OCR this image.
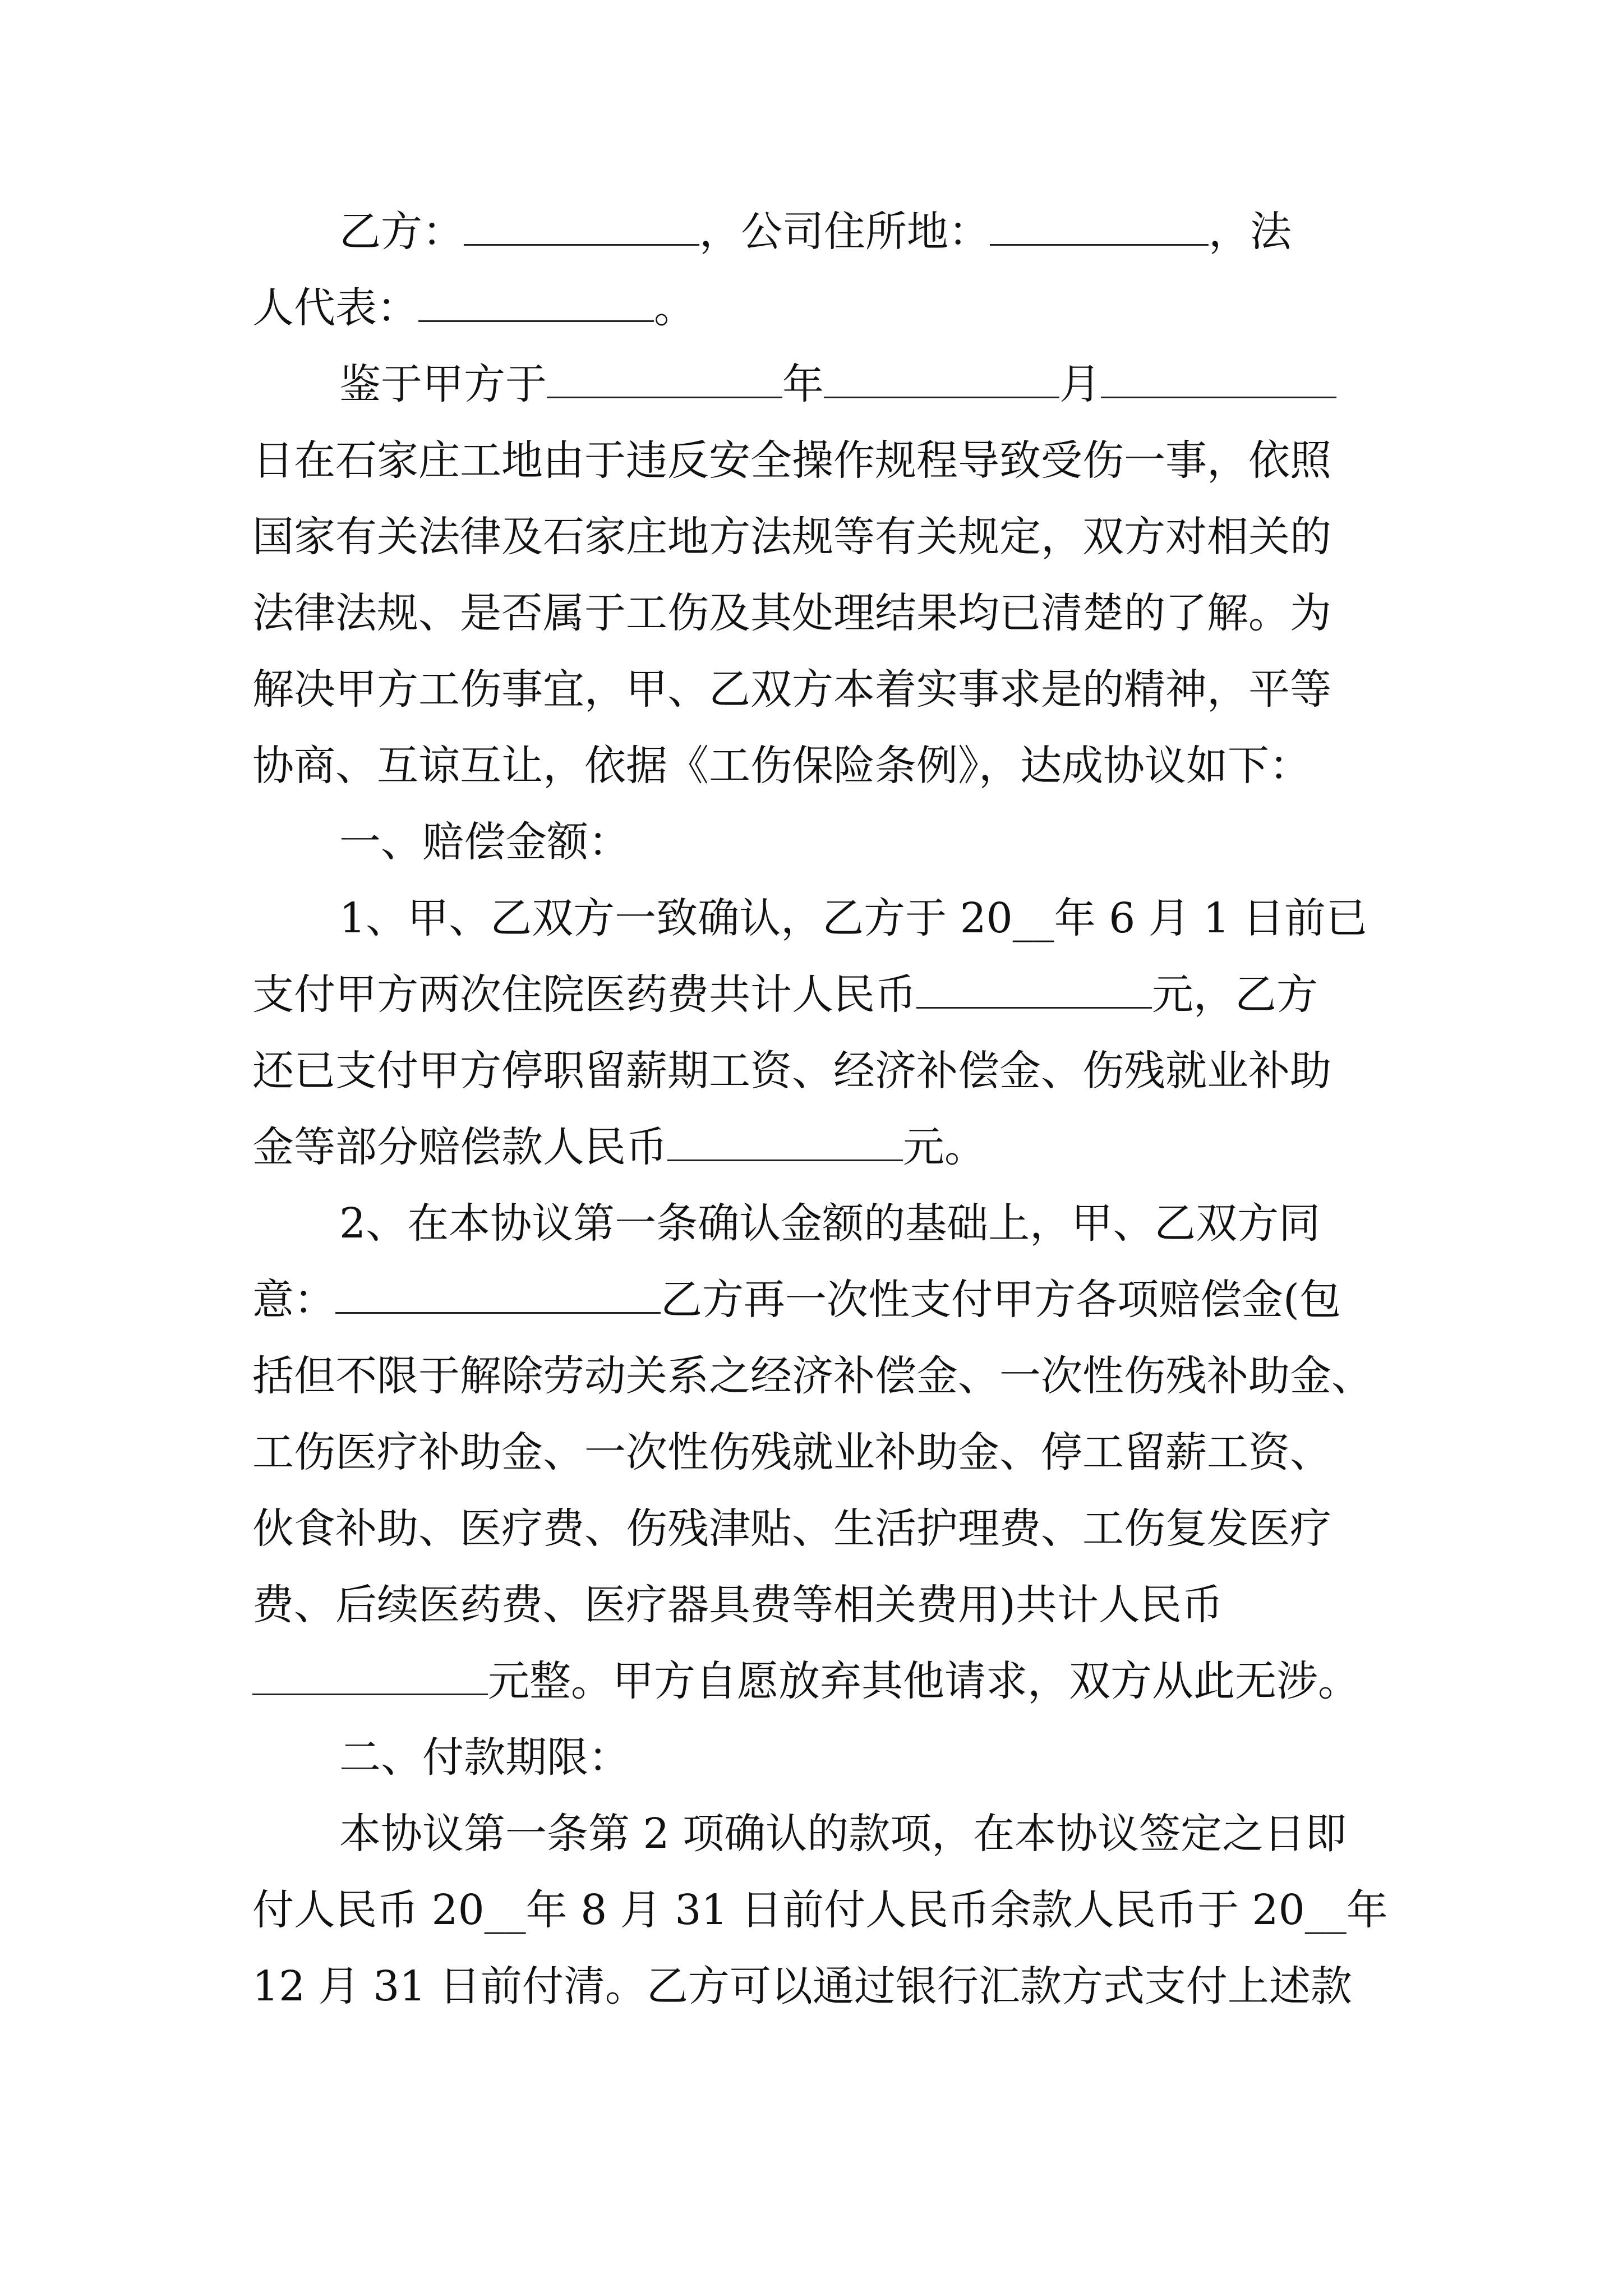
乙方：	，公司住所地：	，法
人代表：	。
鉴于甲方于	年	月
日在石家庄工地由于违反安全操作规程导致受伤一事，依照
国家有关法律及石家庄地方法规等有关规定，双方对相关的
法律法规、是否属于工伤及其处理结果均已清楚的了解。为
解决甲方工伤事宜，甲、乙双方本着实事求是的精神，平等
协商、互谅互让，依据《工伤保险条例》，达成协议如下：
一、赔偿金额：
1、甲、乙双方一致确认，乙方于 20__年 6 月 1 日前已
支付甲方两次住院医药费共计人民币	元，乙方
还已支付甲方停职留薪期工资、经济补偿金、伤残就业补助
金等部分赔偿款人民币	元。
2、在本协议第一条确认金额的基础上，甲、乙双方同
意：	乙方再一次性支付甲方各项赔偿金(包
括但不限于解除劳动关系之经济补偿金、一次性伤残补助金、
工伤医疗补助金、一次性伤残就业补助金、停工留薪工资、
伙食补助、医疗费、伤残津贴、生活护理费、工伤复发医疗
费、后续医药费、医疗器具费等相关费用)共计人民币
元整。甲方自愿放弃其他请求，双方从此无涉。
二、付款期限：
本协议第一条第 2 项确认的款项，在本协议签定之日即
付人民币 20__年 8 月 31 日前付人民币余款人民币于 20__年
12 月 31 日前付清。乙方可以通过银行汇款方式支付上述款
